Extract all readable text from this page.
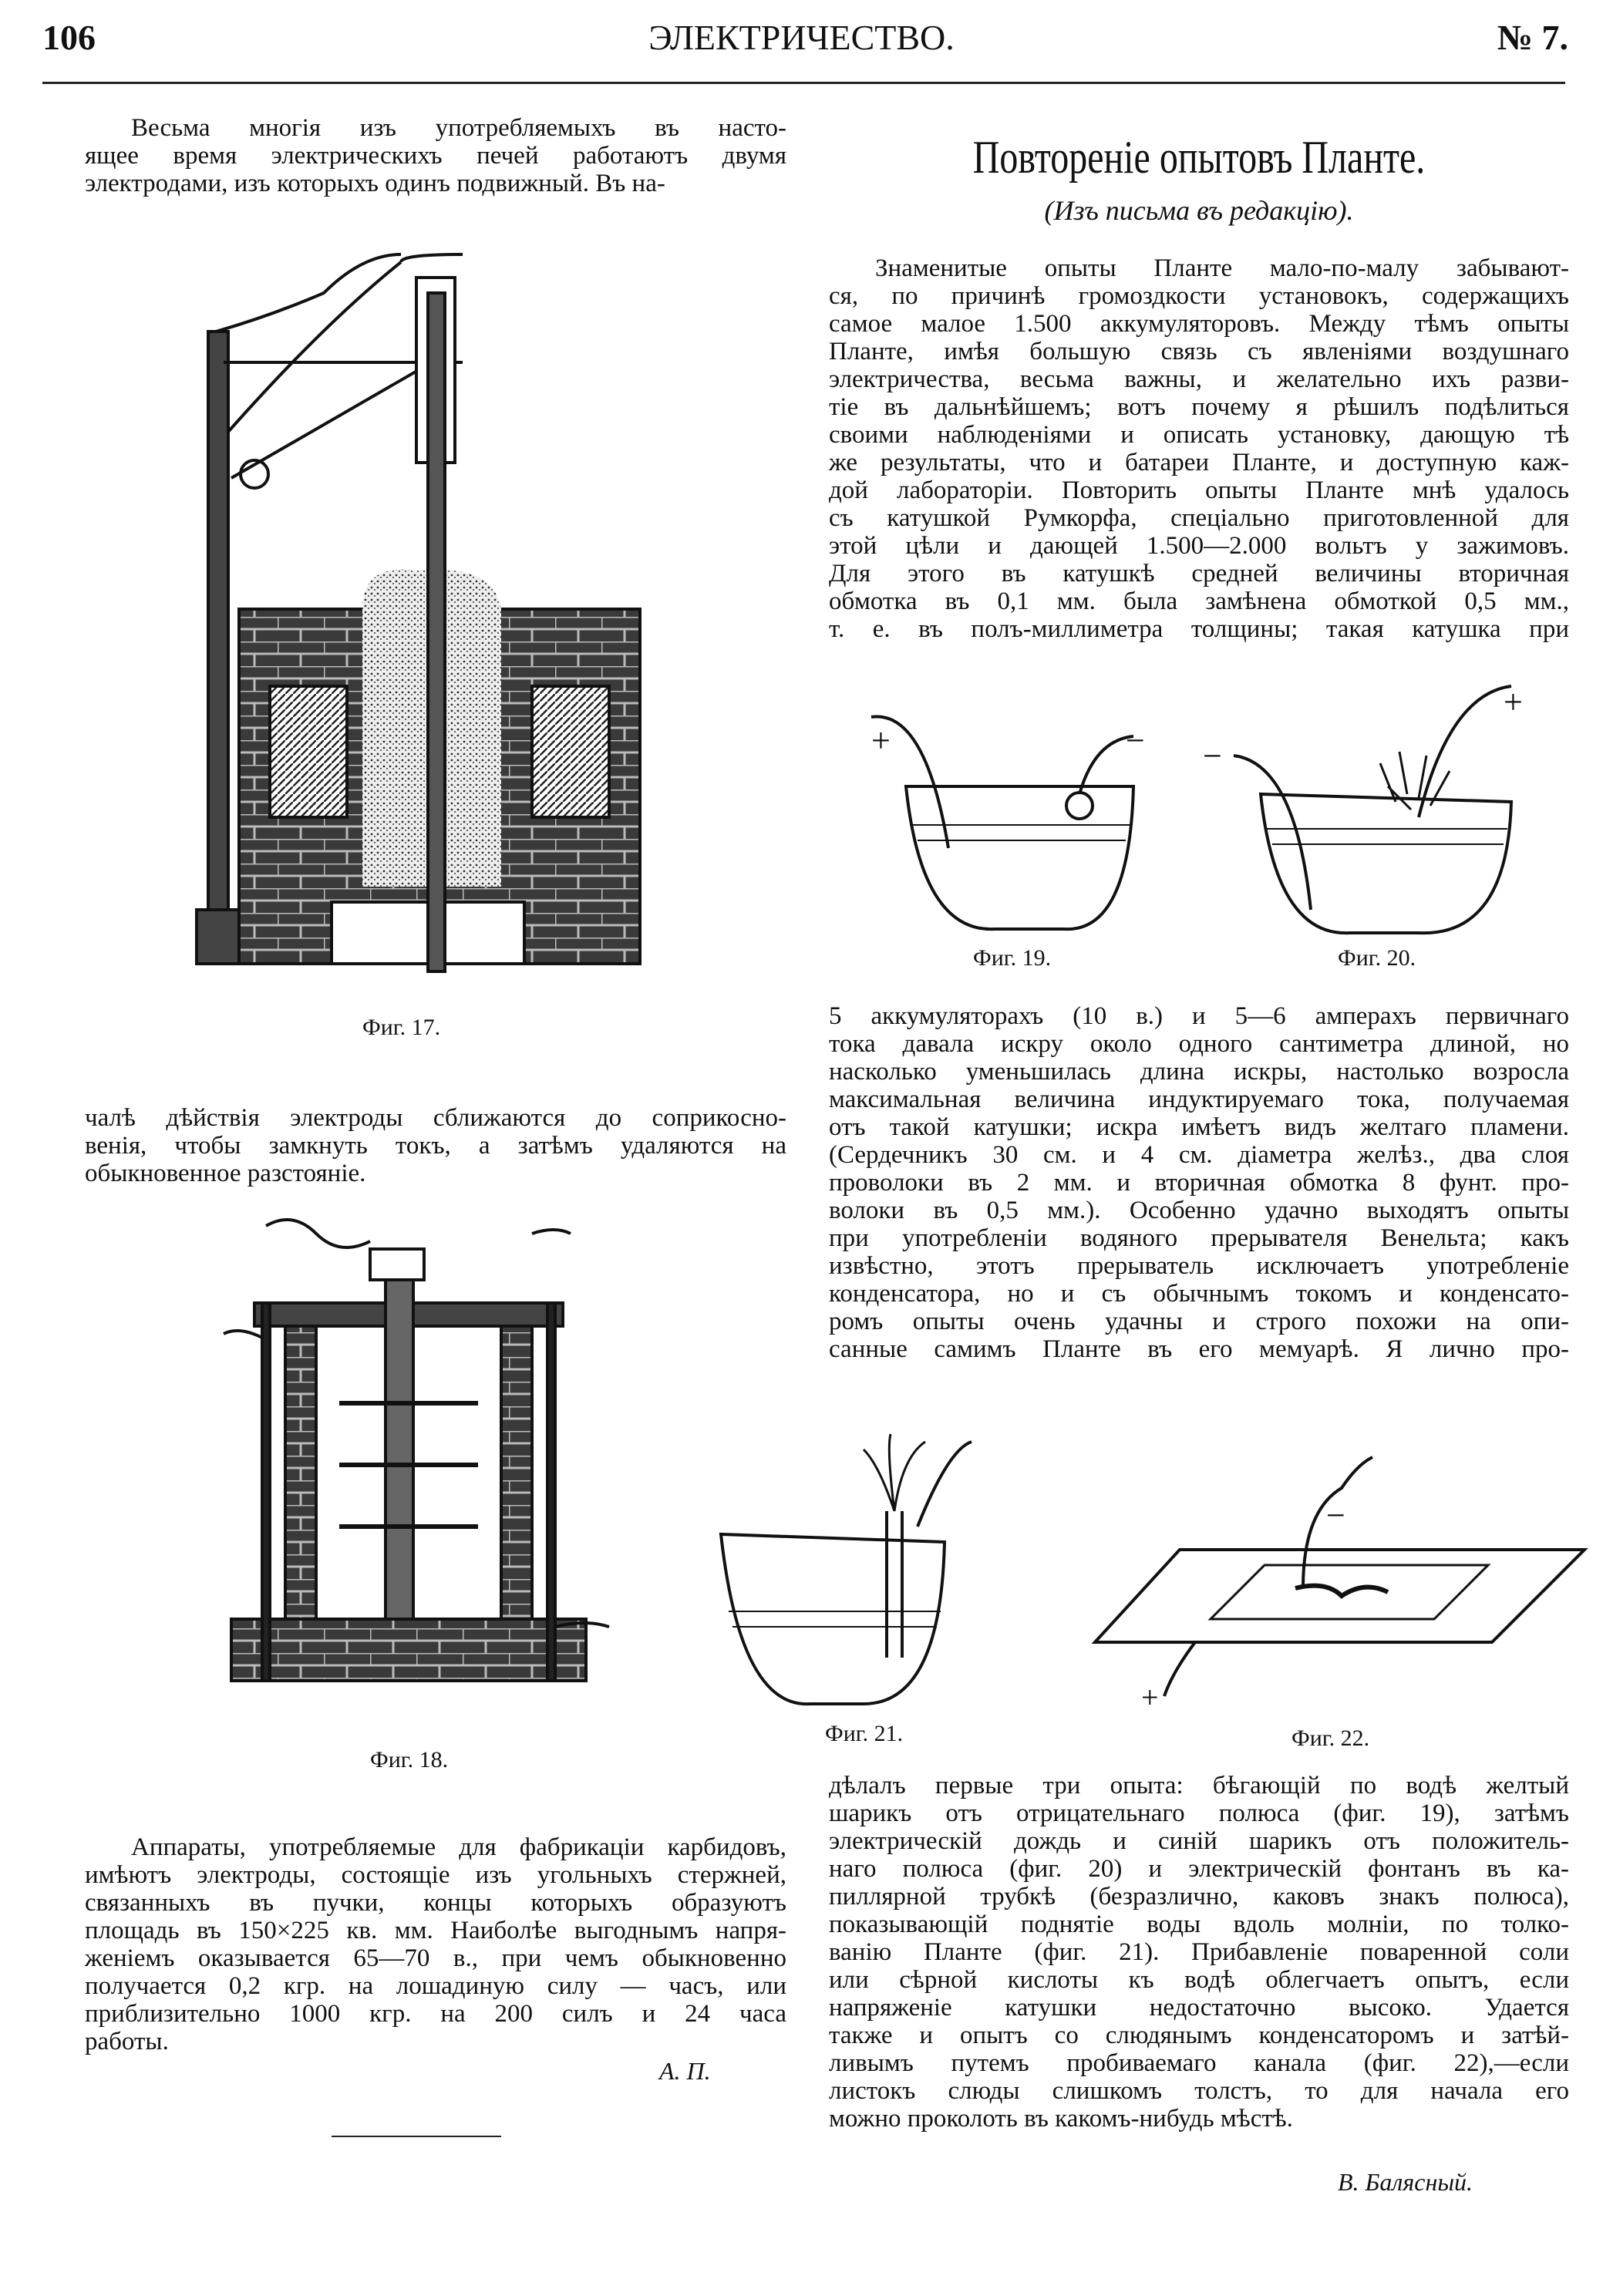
106	ЭЛЕКТРИЧЕСТВО.	№ 7.
Весьма многія изъ употребляемыхъ въ насто-
ящее время электрическихъ печей работаютъ двумя
электродами, изъ которыхъ одинъ подвижный. Въ на-
Фиг. 17.
чалѣ дѣйствія электроды сближаются до соприкосно-
венія, чтобы замкнуть токъ, а затѣмъ удаляются на
обыкновенное разстояніе.
Фиг. 18.
Аппараты, употребляемые для фабрикаціи карбидовъ,
имѣютъ электроды, состоящіе изъ угольныхъ стержней,
связанныхъ въ пучки, концы которыхъ образуютъ
площадь въ 150×225 кв. мм. Наиболѣе выгоднымъ напря-
женіемъ оказывается 65—70 в., при чемъ обыкновенно
получается 0,2 кгр. на лошадиную силу — часъ, или
приблизительно 1000 кгр. на 200 силъ и 24 часа
работы.
А. П.
Повтореніе опытовъ Планте.
(Изъ письма въ редакцію).
Знаменитые опыты Планте мало-по-малу забывают-
ся, по причинѣ громоздкости установокъ, содержащихъ
самое малое 1.500 аккумуляторовъ. Между тѣмъ опыты
Планте, имѣя большую связь съ явленіями воздушнаго
электричества, весьма важны, и желательно ихъ разви-
тіе въ дальнѣйшемъ; вотъ почему я рѣшилъ подѣлиться
своими наблюденіями и описать установку, дающую тѣ
же результаты, что и батареи Планте, и доступную каж-
дой лабораторіи. Повторить опыты Планте мнѣ удалось
съ катушкой Румкорфа, спеціально приготовленной для
этой цѣли и дающей 1.500—2.000 вольтъ у зажимовъ.
Для этого въ катушкѣ средней величины вторичная
обмотка въ 0,1 мм. была замѣнена обмоткой 0,5 мм.,
т. е. въ полъ-миллиметра толщины; такая катушка при
Фиг. 19.	Фиг. 20.
5 аккумуляторахъ (10 в.) и 5—6 амперахъ первичнаго
тока давала искру около одного сантиметра длиной, но
насколько уменьшилась длина искры, настолько возросла
максимальная величина индуктируемаго тока, получаемая
отъ такой катушки; искра имѣетъ видъ желтаго пламени.
(Сердечникъ 30 см. и 4 см. діаметра желѣз., два слоя
проволоки въ 2 мм. и вторичная обмотка 8 фунт. про-
волоки въ 0,5 мм.). Особенно удачно выходятъ опыты
при употребленіи водяного прерывателя Венельта; какъ
извѣстно, этотъ прерыватель исключаетъ употребленіе
конденсатора, но и съ обычнымъ токомъ и конденсато-
ромъ опыты очень удачны и строго похожи на опи-
санные самимъ Планте въ его мемуарѣ. Я лично про-
Фиг. 21.	Фиг. 22.
дѣлалъ первые три опыта: бѣгающій по водѣ желтый
шарикъ отъ отрицательнаго полюса (фиг. 19), затѣмъ
электрическій дождь и синій шарикъ отъ положитель-
наго полюса (фиг. 20) и электрическій фонтанъ въ ка-
пиллярной трубкѣ (безразлично, каковъ знакъ полюса),
показывающій поднятіе воды вдоль молніи, по толко-
ванію Планте (фиг. 21). Прибавленіе поваренной соли
или сѣрной кислоты къ водѣ облегчаетъ опытъ, если
напряженіе катушки недостаточно высоко. Удается
также и опытъ со слюдянымъ конденсаторомъ и затѣй-
ливымъ путемъ пробиваемаго канала (фиг. 22),—если
листокъ слюды слишкомъ толстъ, то для начала его
можно проколоть въ какомъ-нибудь мѣстѣ.
В. Балясный.
+	− −
+
−
+
